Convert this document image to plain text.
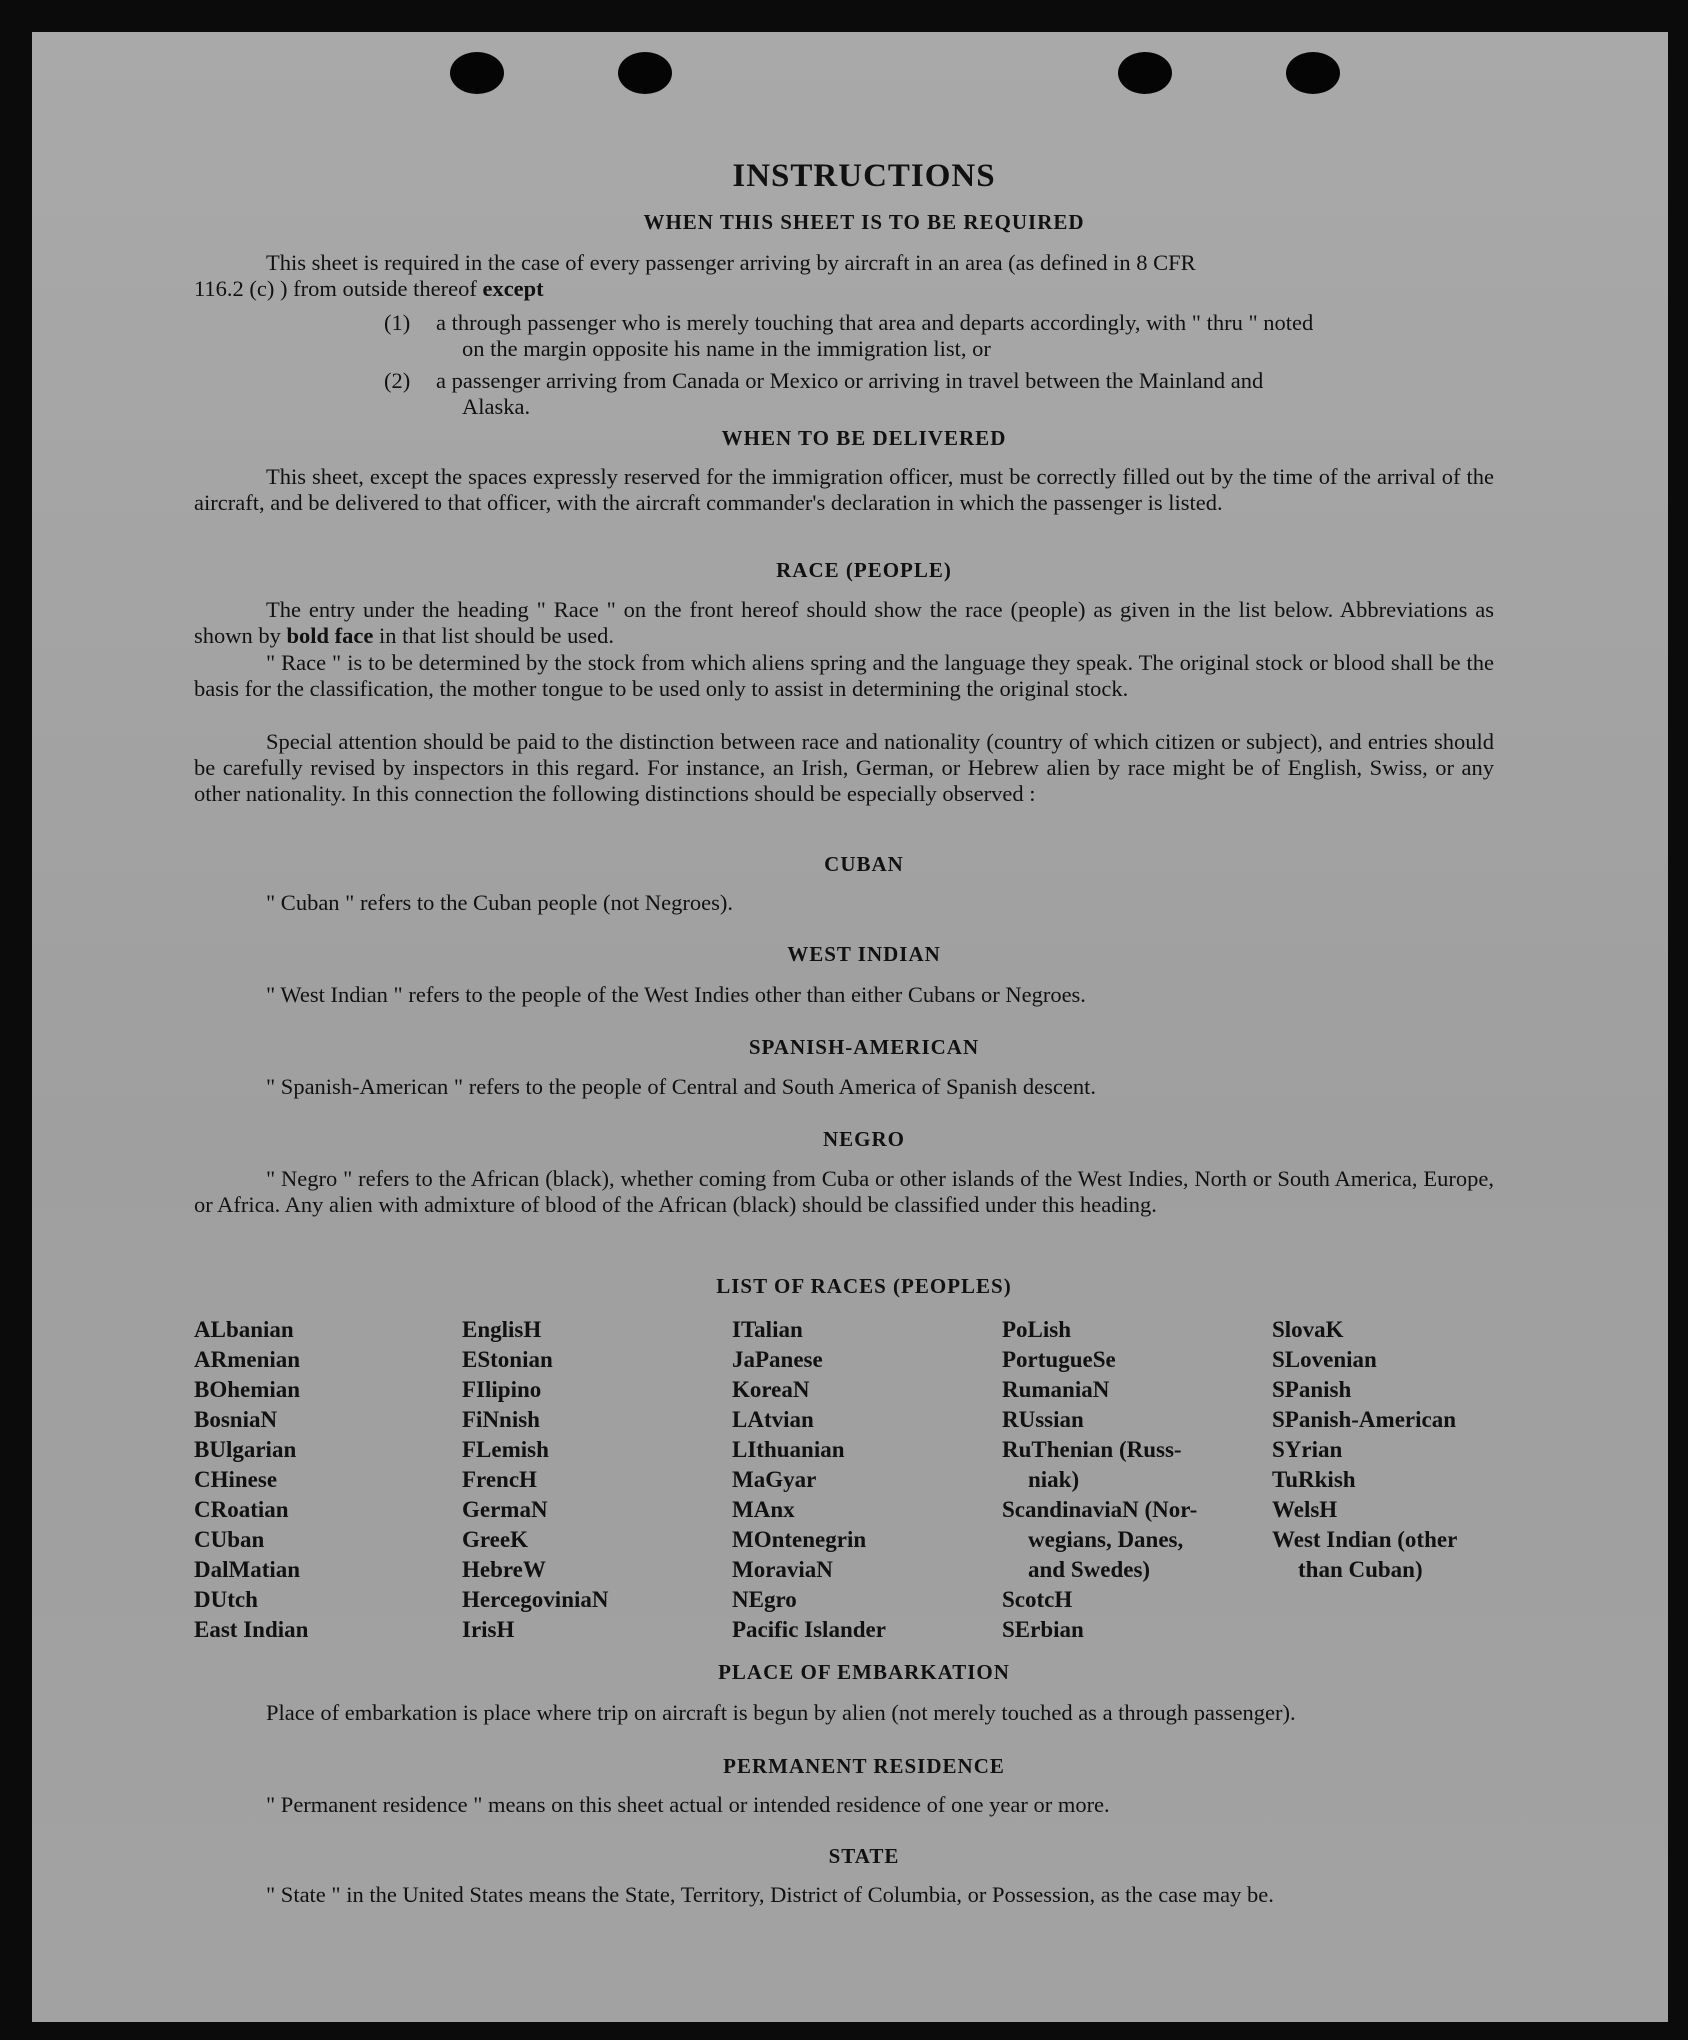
INSTRUCTIONS
WHEN THIS SHEET IS TO BE REQUIRED
This sheet is required in the case of every passenger arriving by aircraft in an area (as defined in 8 CFR
116.2 (c) ) from outside thereof except
(1) a through passenger who is merely touching that area and departs accordingly, with " thru " noted
on the margin opposite his name in the immigration list, or
(2) a passenger arriving from Canada or Mexico or arriving in travel between the Mainland and
Alaska.
WHEN TO BE DELIVERED
This sheet, except the spaces expressly reserved for the immigration officer, must be correctly filled out by the time of the arrival of the aircraft, and be delivered to that officer, with the aircraft commander's declaration in which the passenger is listed.
RACE (PEOPLE)
The entry under the heading " Race " on the front hereof should show the race (people) as given in the list below. Abbreviations as shown by bold face in that list should be used.
" Race " is to be determined by the stock from which aliens spring and the language they speak. The original stock or blood shall be the basis for the classification, the mother tongue to be used only to assist in determining the original stock.
Special attention should be paid to the distinction between race and nationality (country of which citizen or subject), and entries should be carefully revised by inspectors in this regard. For instance, an Irish, German, or Hebrew alien by race might be of English, Swiss, or any other nationality. In this connection the following distinctions should be especially observed :
CUBAN
" Cuban " refers to the Cuban people (not Negroes).
WEST INDIAN
" West Indian " refers to the people of the West Indies other than either Cubans or Negroes.
SPANISH-AMERICAN
" Spanish-American " refers to the people of Central and South America of Spanish descent.
NEGRO
" Negro " refers to the African (black), whether coming from Cuba or other islands of the West Indies, North or South America, Europe, or Africa. Any alien with admixture of blood of the African (black) should be classified under this heading.
LIST OF RACES (PEOPLES)
ALbanian
ARmenian
BOhemian
BosniaN
BUlgarian
CHinese
CRoatian
CUban
DalMatian
DUtch
East Indian
EnglisH
EStonian
FIlipino
FiNnish
FLemish
FrencH
GermaN
GreeK
HebreW
HercegoviniaN
IrisH
ITalian
JaPanese
KoreaN
LAtvian
LIthuanian
MaGyar
MAnx
MOntenegrin
MoraviaN
NEgro
Pacific Islander
PoLish
PortugueSe
RumaniaN
RUssian
RuThenian (Russ-
niak)
ScandinaviaN (Nor-
wegians, Danes,
and Swedes)
ScotcH
SErbian
SlovaK
SLovenian
SPanish
SPanish-American
SYrian
TuRkish
WelsH
West Indian (other
than Cuban)
PLACE OF EMBARKATION
Place of embarkation is place where trip on aircraft is begun by alien (not merely touched as a through passenger).
PERMANENT RESIDENCE
" Permanent residence " means on this sheet actual or intended residence of one year or more.
STATE
" State " in the United States means the State, Territory, District of Columbia, or Possession, as the case may be.
